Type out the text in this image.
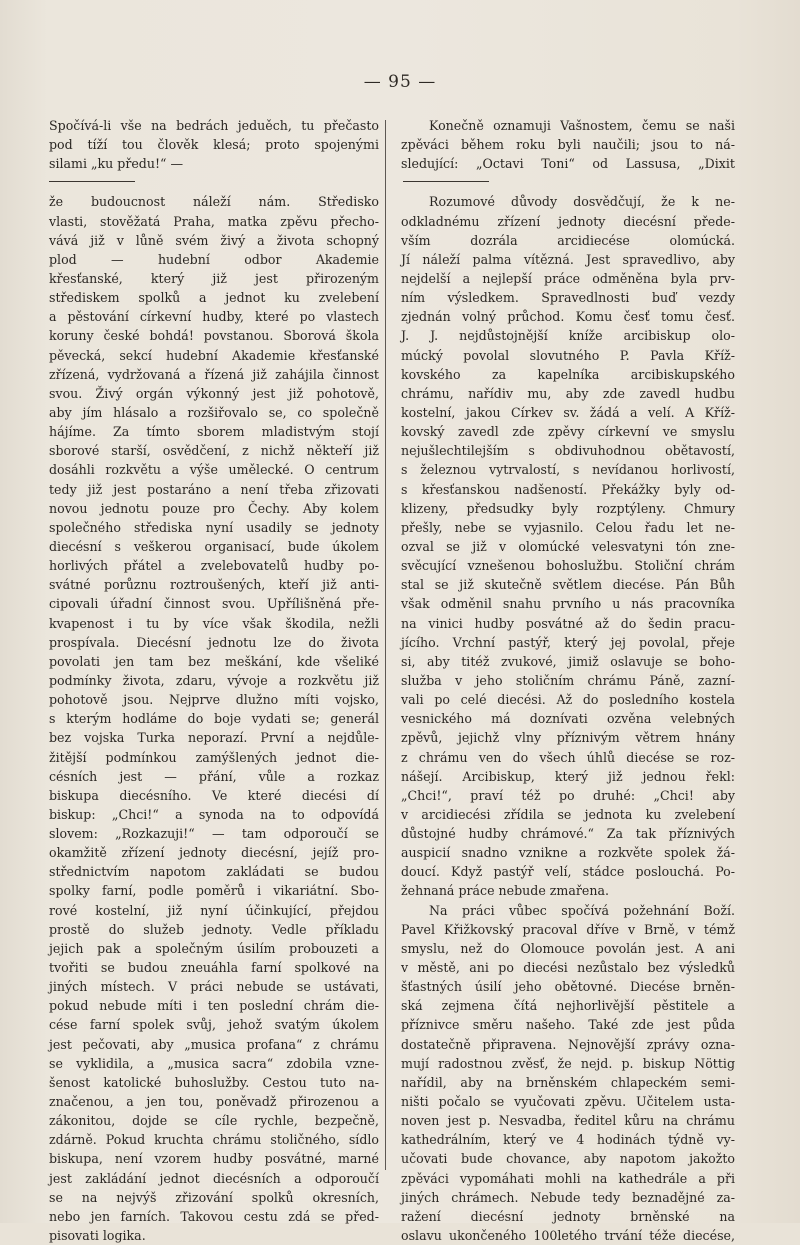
— 95 —
Spočívá-li vše na bedrách jeduěch, tu přečasto
pod tíží tou člověk klesá; proto spojenými
silami „ku předu!“ —
že budoucnost náleží nám. Středisko
vlasti, stověžatá Praha, matka zpěvu přecho-
vává již v lůně svém živý a života schopný
plod — hudební odbor Akademie
křesťanské, který již jest přirozeným
střediskem spolků a jednot ku zvelebení
a pěstování církevní hudby, které po vlastech
koruny české bohdá! povstanou. Sborová škola
pěvecká, sekcí hudební Akademie křesťanské
zřízená, vydržovaná a řízená již zahájila činnost
svou. Živý orgán výkonný jest již pohotově,
aby jím hlásalo a rozšiřovalo se, co společně
hájíme. Za tímto sborem mladistvým stojí
sborové starší, osvědčení, z nichž někteří již
dosáhli rozkvětu a výše umělecké. O centrum
tedy již jest postaráno a není třeba zřizovati
novou jednotu pouze pro Čechy. Aby kolem
společného střediska nyní usadily se jednoty
diecésní s veškerou organisací, bude úkolem
horlivých přátel a zvelebovatelů hudby po-
svátné porůznu roztroušených, kteří již anti-
cipovali úřadní činnost svou. Upřílišněná pře-
kvapenost i tu by více však škodila, nežli
prospívala. Diecésní jednotu lze do života
povolati jen tam bez meškání, kde všeliké
podmínky života, zdaru, vývoje a rozkvětu již
pohotově jsou. Nejprve dlužno míti vojsko,
s kterým hodláme do boje vydati se; generál
bez vojska Turka neporazí. První a nejdůle-
žitější podmínkou zamýšlených jednot die-
césních jest — přání, vůle a rozkaz
biskupa diecésního. Ve které diecési dí
biskup: „Chci!“ a synoda na to odpovídá
slovem: „Rozkazuji!“ — tam odporoučí se
okamžitě zřízení jednoty diecésní, jejíž pro-
střednictvím napotom zakládati se budou
spolky farní, podle poměrů i vikariátní. Sbo-
rové kostelní, již nyní účinkující, přejdou
prostě do služeb jednoty. Vedle příkladu
jejich pak a společným úsilím probouzeti a
tvořiti se budou zneuáhla farní spolkové na
jiných místech. V práci nebude se ustávati,
pokud nebude míti i ten poslední chrám die-
cése farní spolek svůj, jehož svatým úkolem
jest pečovati, aby „musica profana“ z chrámu
se vyklidila, a „musica sacra“ zdobila vzne-
šenost katolické buhoslužby. Cestou tuto na-
značenou, a jen tou, poněvadž přirozenou a
zákonitou, dojde se cíle rychle, bezpečně,
zdárně. Pokud kruchta chrámu stoličného, sídlo
biskupa, není vzorem hudby posvátné, marné
jest zakládání jednot diecésních a odporoučí
se na nejvýš zřizování spolků okresních,
nebo jen farních. Takovou cestu zdá se před-
pisovati logika.
Konečně oznamuji Vašnostem, čemu se naši
zpěváci během roku byli naučili; jsou to ná-
sledující: „Octavi Toni“ od Lassusa, „Dixit
Rozumové důvody dosvědčují, že k ne-
odkladnému zřízení jednoty diecésní přede-
vším dozrála arcidiecése olomúcká.
Jí náleží palma vítězná. Jest spravedlivo, aby
nejdelší a nejlepší práce odměněna byla prv-
ním výsledkem. Spravedlnosti buď vezdy
zjednán volný průchod. Komu česť tomu česť.
J. J. nejdůstojnější kníže arcibiskup olo-
múcký povolal slovutného P. Pavla Kříž-
kovského za kapelníka arcibiskupského
chrámu, nařídiv mu, aby zde zavedl hudbu
kostelní, jakou Církev sv. žádá a velí. A Kříž-
kovský zavedl zde zpěvy církevní ve smyslu
nejušlechtilejším s obdivuhodnou obětavostí,
s železnou vytrvalostí, s nevídanou horlivostí,
s křesťanskou nadšeností. Překážky byly od-
klizeny, předsudky byly rozptýleny. Chmury
přešly, nebe se vyjasnilo. Celou řadu let ne-
ozval se již v olomúcké velesvatyni tón zne-
svěcující vznešenou bohoslužbu. Stoliční chrám
stal se již skutečně světlem diecése. Pán Bůh
však odměnil snahu prvního u nás pracovníka
na vinici hudby posvátné až do šedin pracu-
jícího. Vrchní pastýř, který jej povolal, přeje
si, aby titéž zvukové, jimiž oslavuje se boho-
služba v jeho stoličním chrámu Páně, zazní-
vali po celé diecési. Až do posledního kostela
vesnického má doznívati ozvěna velebných
zpěvů, jejichž vlny příznivým větrem hnány
z chrámu ven do všech úhlů diecése se roz-
nášejí. Arcibiskup, který již jednou řekl:
„Chci!“, praví též po druhé: „Chci! aby
v arcidiecési zřídila se jednota ku zvelebení
důstojné hudby chrámové.“ Za tak příznivých
auspicií snadno vznikne a rozkvěte spolek žá-
doucí. Když pastýř velí, stádce poslouchá. Po-
žehnaná práce nebude zmařena.
Na práci vůbec spočívá požehnání Boží.
Pavel Křižkovský pracoval dříve v Brně, v témž
smyslu, než do Olomouce povolán jest. A ani
v městě, ani po diecési nezůstalo bez výsledků
šťastných úsilí jeho obětovné. Diecése brněn-
ská zejmena čítá nejhorlivější pěstitele a
příznivce směru našeho. Také zde jest půda
dostatečně připravena. Nejnovější zprávy ozna-
mují radostnou zvěsť, že nejd. p. biskup Nöttig
nařídil, aby na brněnském chlapeckém semi-
ništi počalo se vyučovati zpěvu. Učitelem usta-
noven jest p. Nesvadba, ředitel kůru na chrámu
kathedrálním, který ve 4 hodinách týdně vy-
učovati bude chovance, aby napotom jakožto
zpěváci vypomáhati mohli na kathedrále a při
jiných chrámech. Nebude tedy beznadějné za-
ražení diecésní jednoty brněnské na
oslavu ukončeného 100letého trvání téže diecése,
